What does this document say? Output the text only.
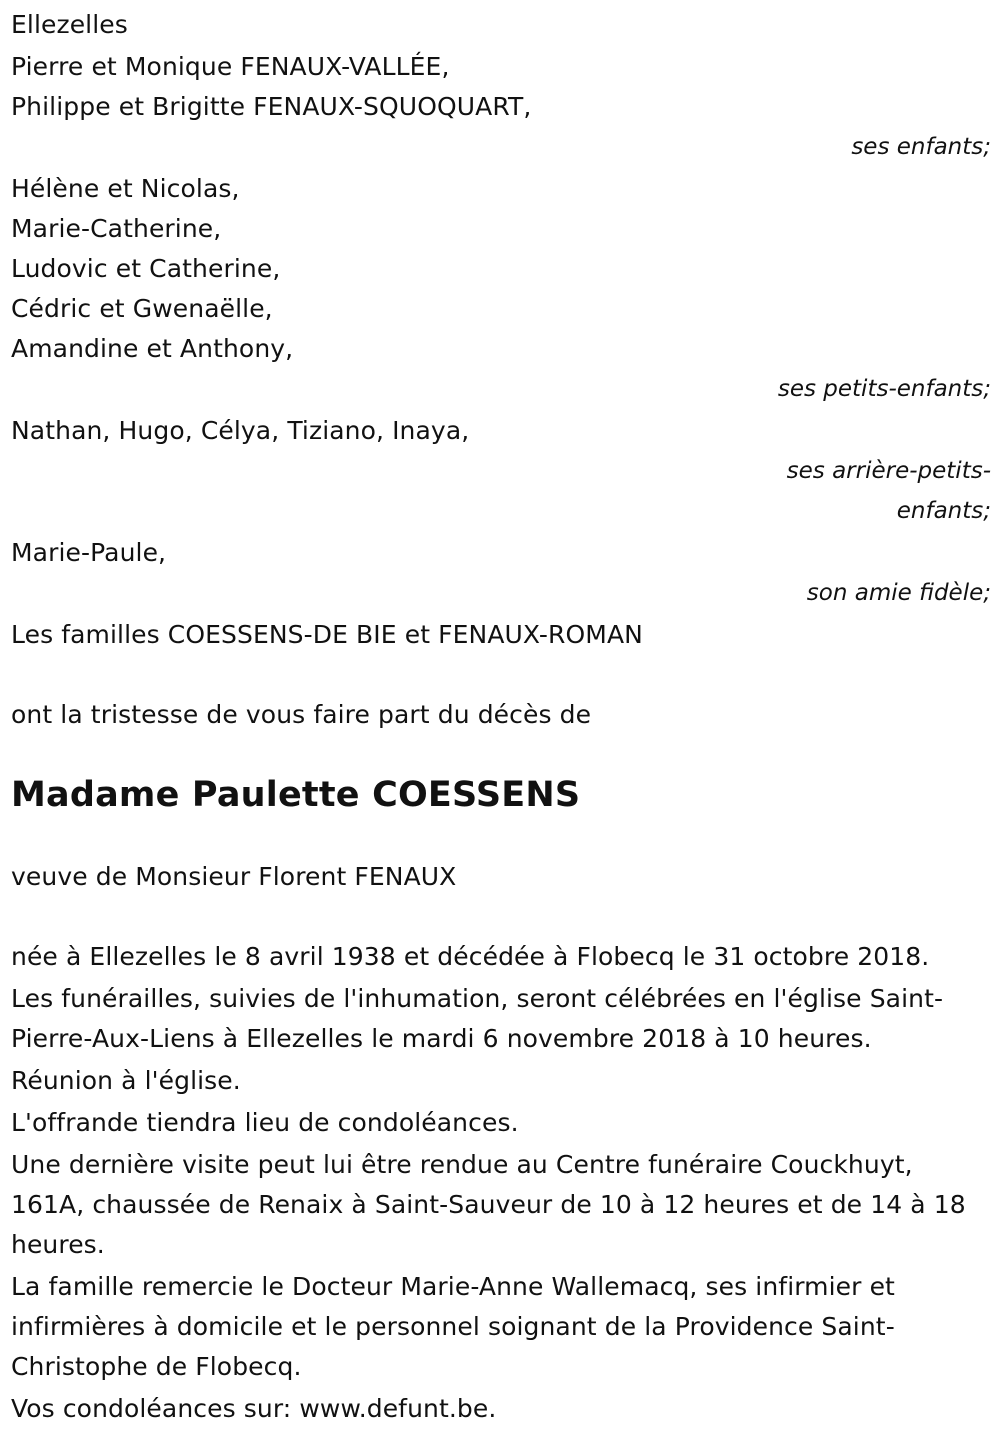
Ellezelles
Pierre et Monique FENAUX-VALLÉE,
Philippe et Brigitte FENAUX-SQUOQUART,
ses enfants;
Hélène et Nicolas,
Marie-Catherine,
Ludovic et Catherine,
Cédric et Gwenaëlle,
Amandine et Anthony,
ses petits-enfants;
Nathan, Hugo, Célya, Tiziano, Inaya,
ses arrière-petits-
enfants;
Marie-Paule,
son amie fidèle;
Les familles COESSENS-DE BIE et FENAUX-ROMAN
ont la tristesse de vous faire part du décès de
Madame Paulette COESSENS
veuve de Monsieur Florent FENAUX
née à Ellezelles le 8 avril 1938 et décédée à Flobecq le 31 octobre 2018.
Les funérailles, suivies de l'inhumation, seront célébrées en l'église Saint-
Pierre-Aux-Liens à Ellezelles le mardi 6 novembre 2018 à 10 heures.
Réunion à l'église.
L'offrande tiendra lieu de condoléances.
Une dernière visite peut lui être rendue au Centre funéraire Couckhuyt,
161A, chaussée de Renaix à Saint-Sauveur de 10 à 12 heures et de 14 à 18
heures.
La famille remercie le Docteur Marie-Anne Wallemacq, ses infirmier et
infirmières à domicile et le personnel soignant de la Providence Saint-
Christophe de Flobecq.
Vos condoléances sur: www.defunt.be.
